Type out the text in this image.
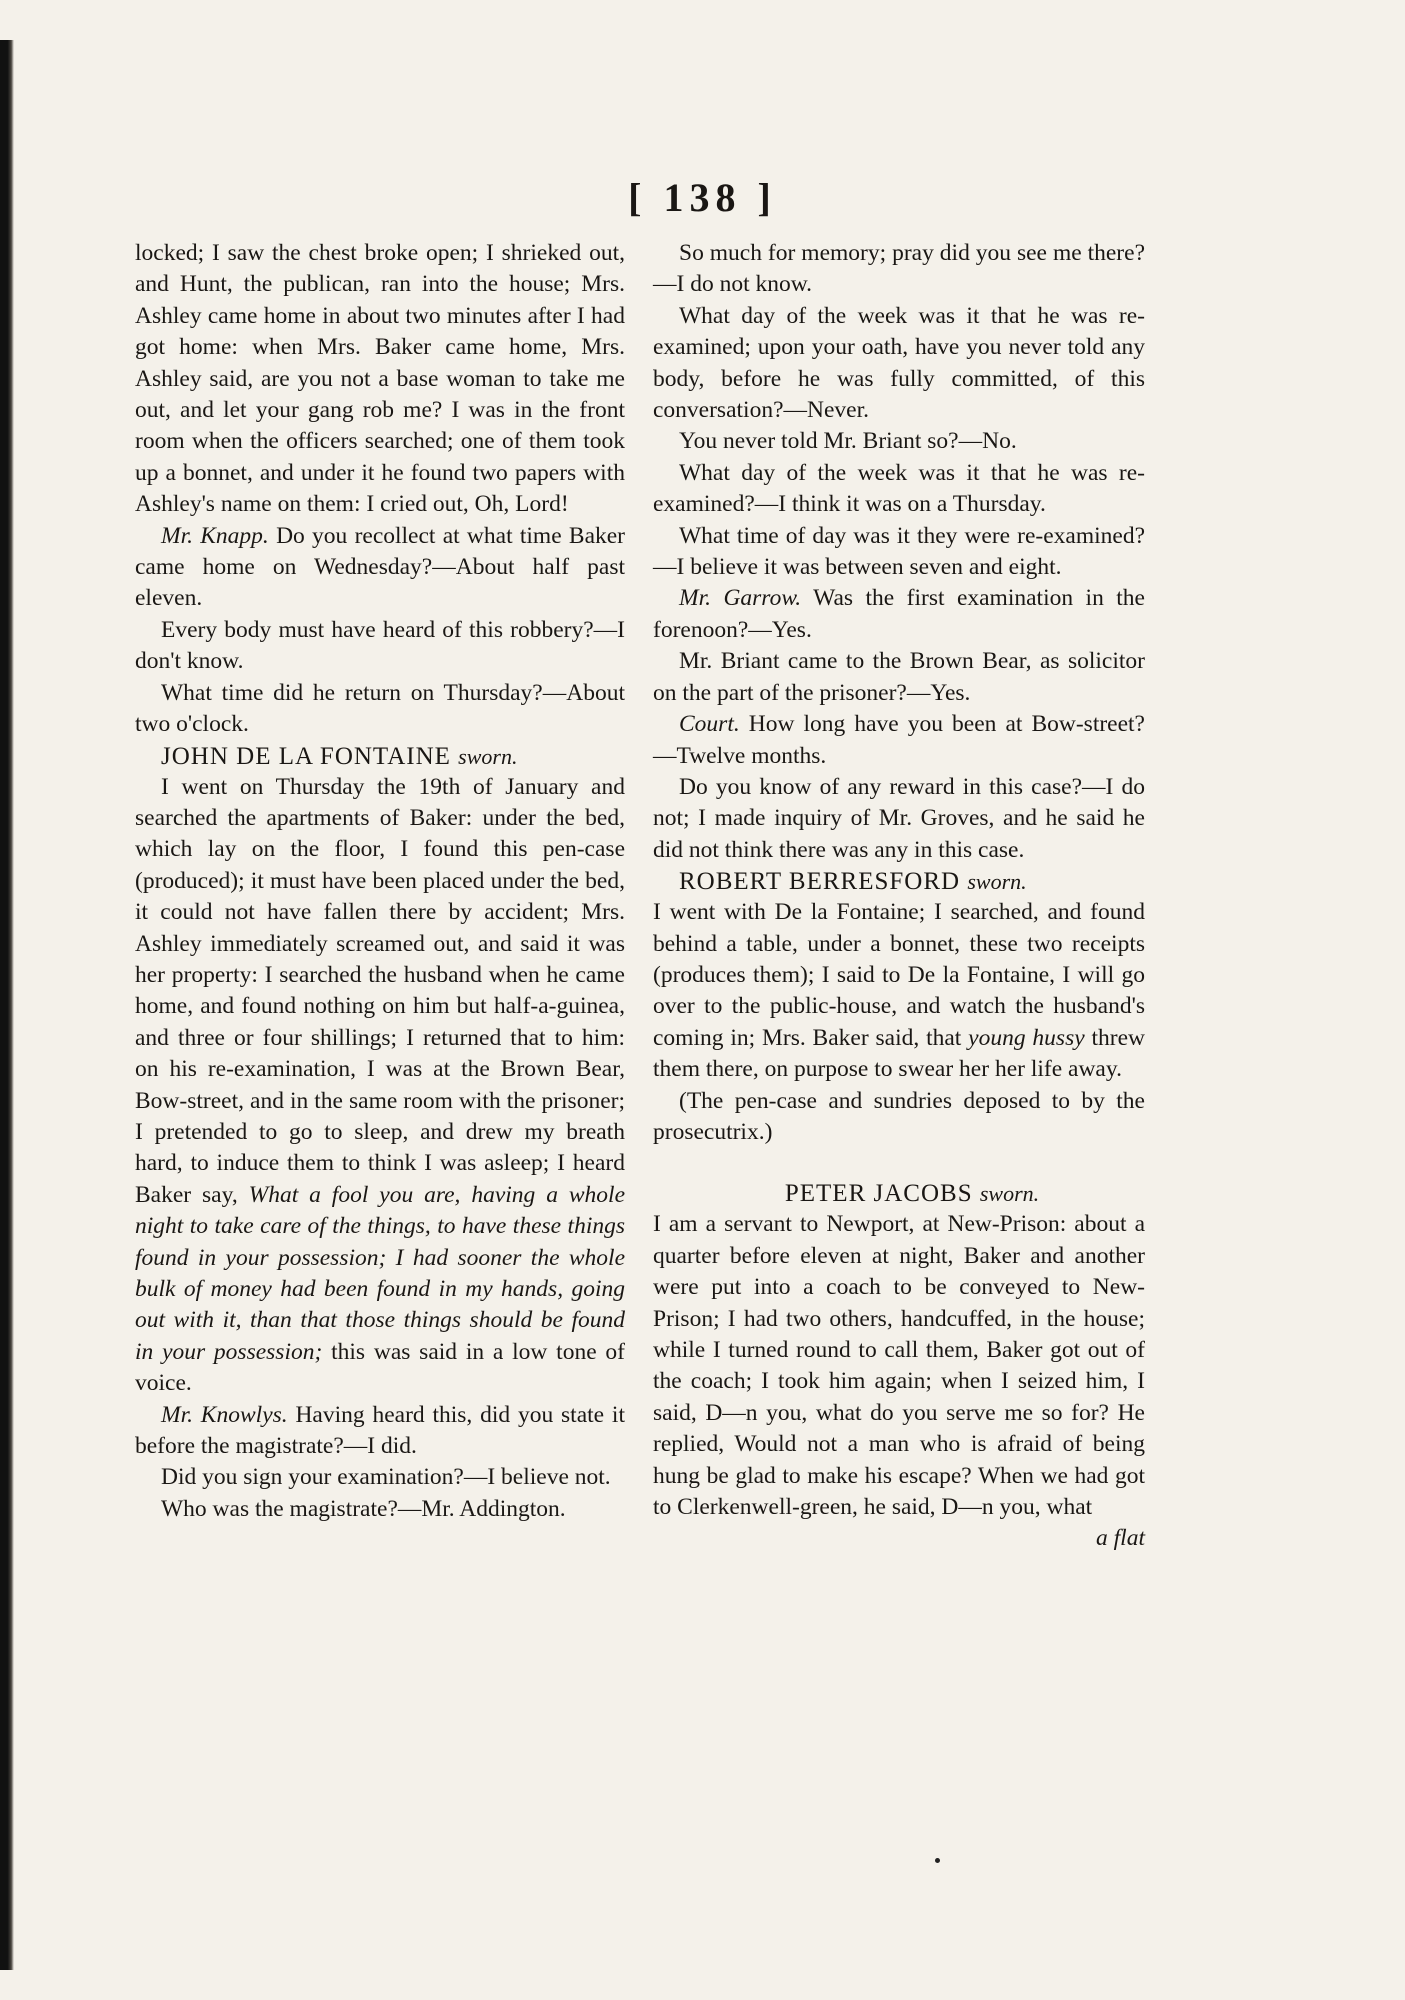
[ 138 ]

locked; I saw the chest broke open; I shrieked out, and Hunt, the publican, ran into the house; Mrs. Ashley came home in about two minutes after I had got home: when Mrs. Baker came home, Mrs. Ashley said, are you not a base woman to take me out, and let your gang rob me? I was in the front room when the officers searched; one of them took up a bonnet, and under it he found two papers with Ashley's name on them: I cried out, Oh, Lord!

Mr. Knapp. Do you recollect at what time Baker came home on Wednesday?—About half past eleven.

Every body must have heard of this robbery?—I don't know.

What time did he return on Thursday?—About two o'clock.

JOHN DE LA FONTAINE sworn.

I went on Thursday the 19th of January and searched the apartments of Baker: under the bed, which lay on the floor, I found this pen-case (produced); it must have been placed under the bed, it could not have fallen there by accident; Mrs. Ashley immediately screamed out, and said it was her property: I searched the husband when he came home, and found nothing on him but half-a-guinea, and three or four shillings; I returned that to him: on his re-examination, I was at the Brown Bear, Bow-street, and in the same room with the prisoner; I pretended to go to sleep, and drew my breath hard, to induce them to think I was asleep; I heard Baker say, What a fool you are, having a whole night to take care of the things, to have these things found in your possession; I had sooner the whole bulk of money had been found in my hands, going out with it, than that those things should be found in your possession; this was said in a low tone of voice.

Mr. Knowlys. Having heard this, did you state it before the magistrate?—I did.

Did you sign your examination?—I believe not.

Who was the magistrate?—Mr. Addington.

So much for memory; pray did you see me there?—I do not know.

What day of the week was it that he was re-examined; upon your oath, have you never told any body, before he was fully committed, of this conversation?—Never.

You never told Mr. Briant so?—No.

What day of the week was it that he was re-examined?—I think it was on a Thursday.

What time of day was it they were re-examined?—I believe it was between seven and eight.

Mr. Garrow. Was the first examination in the forenoon?—Yes.

Mr. Briant came to the Brown Bear, as solicitor on the part of the prisoner?—Yes.

Court. How long have you been at Bow-street?—Twelve months.

Do you know of any reward in this case?—I do not; I made inquiry of Mr. Groves, and he said he did not think there was any in this case.

ROBERT BERRESFORD sworn.

I went with De la Fontaine; I searched, and found behind a table, under a bonnet, these two receipts (produces them); I said to De la Fontaine, I will go over to the public-house, and watch the husband's coming in; Mrs. Baker said, that young hussy threw them there, on purpose to swear her her life away.

(The pen-case and sundries deposed to by the prosecutrix.)

PETER JACOBS sworn.

I am a servant to Newport, at New-Prison: about a quarter before eleven at night, Baker and another were put into a coach to be conveyed to New-Prison; I had two others, handcuffed, in the house; while I turned round to call them, Baker got out of the coach; I took him again; when I seized him, I said, D—n you, what do you serve me so for? He replied, Would not a man who is afraid of being hung be glad to make his escape? When we had got to Clerkenwell-green, he said, D—n you, what

a flat
